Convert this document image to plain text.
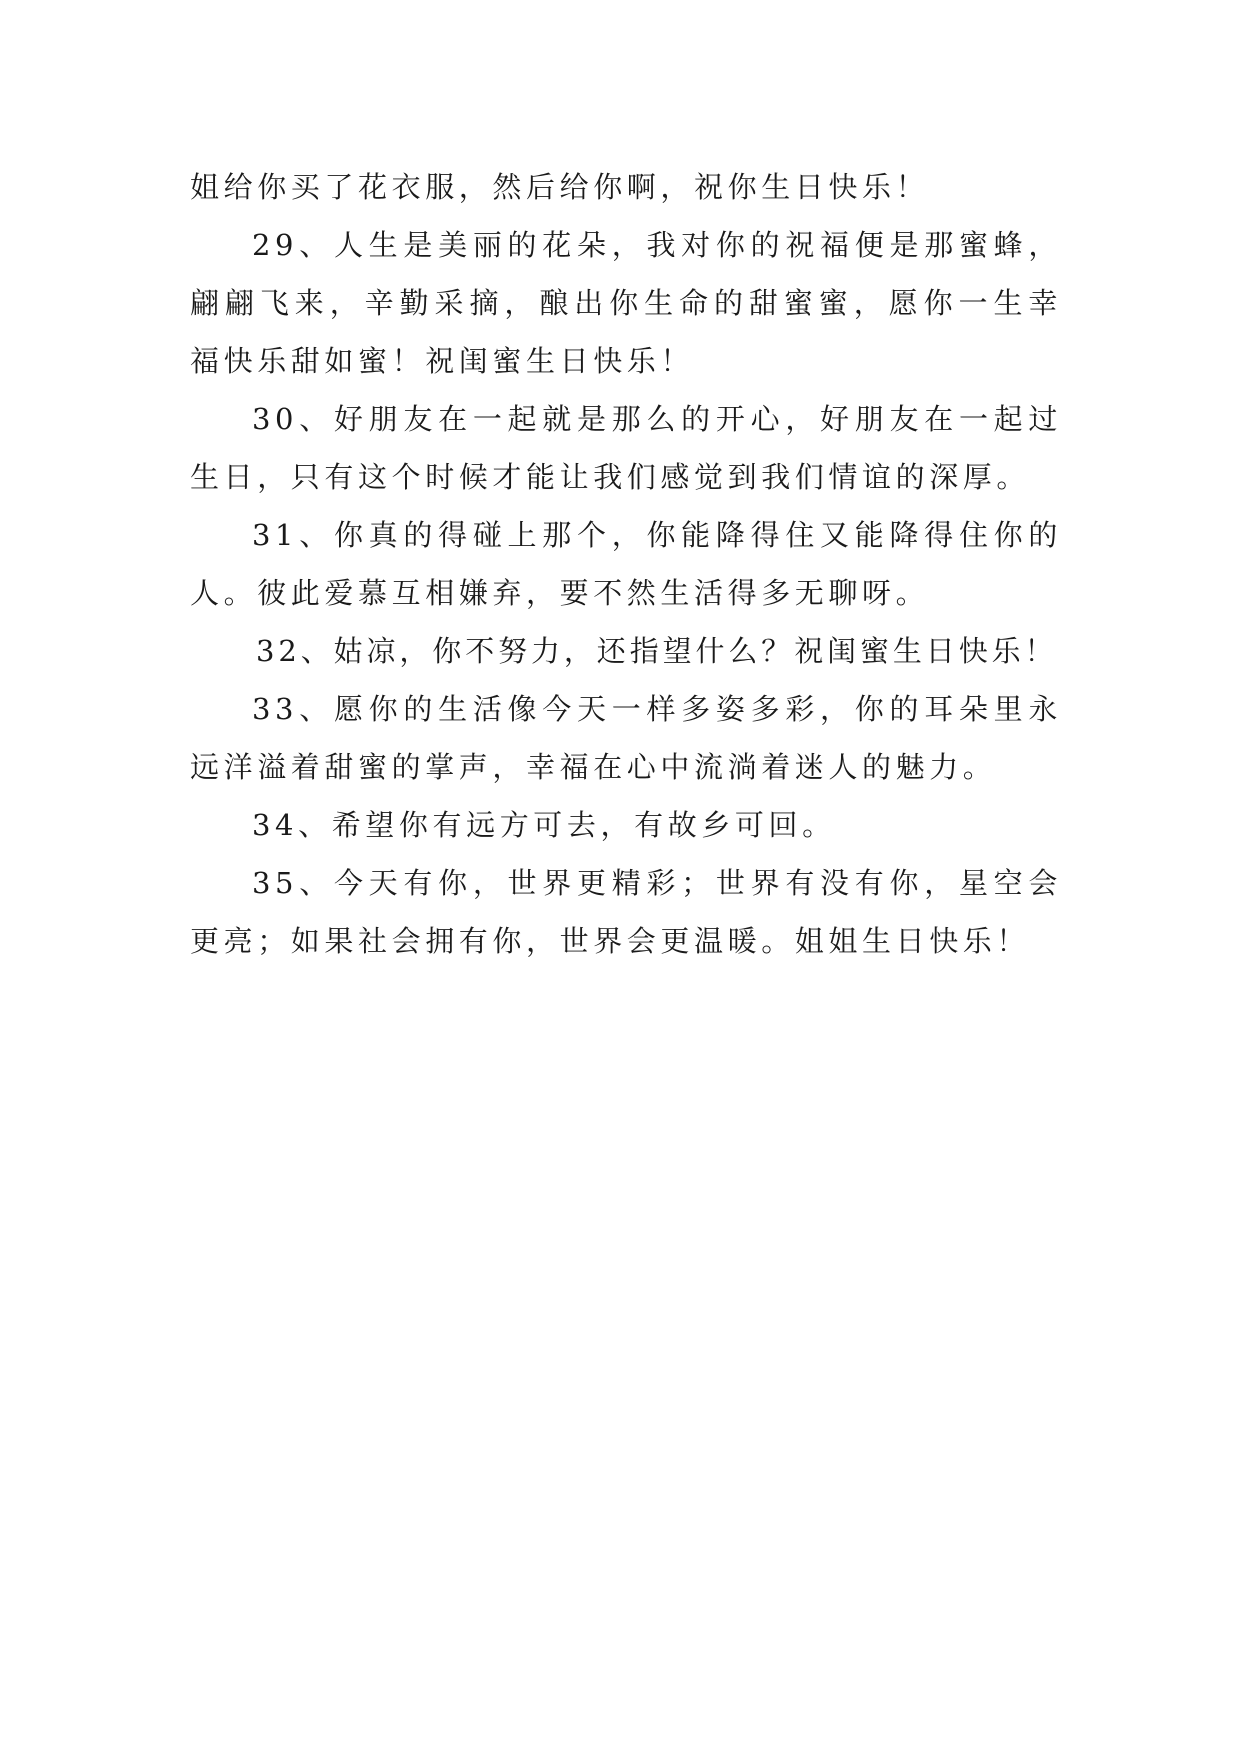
姐给你买了花衣服，然后给你啊，祝你生日快乐！

29、人生是美丽的花朵，我对你的祝福便是那蜜蜂，翩翩飞来，辛勤采摘，酿出你生命的甜蜜蜜，愿你一生幸福快乐甜如蜜！祝闺蜜生日快乐！

30、好朋友在一起就是那么的开心，好朋友在一起过生日，只有这个时候才能让我们感觉到我们情谊的深厚。

31、你真的得碰上那个，你能降得住又能降得住你的人。彼此爱慕互相嫌弃，要不然生活得多无聊呀。

32、姑凉，你不努力，还指望什么？祝闺蜜生日快乐！

33、愿你的生活像今天一样多姿多彩，你的耳朵里永远洋溢着甜蜜的掌声，幸福在心中流淌着迷人的魅力。

34、希望你有远方可去，有故乡可回。

35、今天有你，世界更精彩；世界有没有你，星空会更亮；如果社会拥有你，世界会更温暖。姐姐生日快乐！
